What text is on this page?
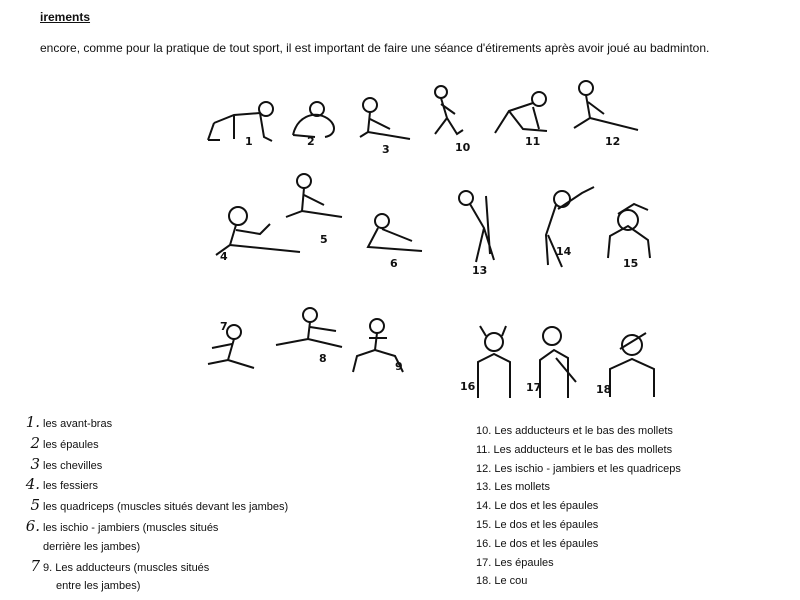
irements
encore, comme pour la pratique de tout sport, il est important de faire une séance d'étirements après avoir joué au badminton.
1	2
3	10	11	12
4
5
6
13
14
15
7
8
9
16	17	18
1. les avant-bras
2 les épaules
3 les chevilles
4. les fessiers
5 les quadriceps (muscles situés devant les jambes)
6. les ischio - jambiers (muscles situés
derrière les jambes)
7 9. Les adducteurs (muscles situés
entre les jambes)
10. Les adducteurs et le bas des mollets
11. Les adducteurs et le bas des mollets
12. Les ischio - jambiers et les quadriceps
13. Les mollets
14. Le dos et les épaules
15. Le dos et les épaules
16. Le dos et les épaules
17. Les épaules
18. Le cou
